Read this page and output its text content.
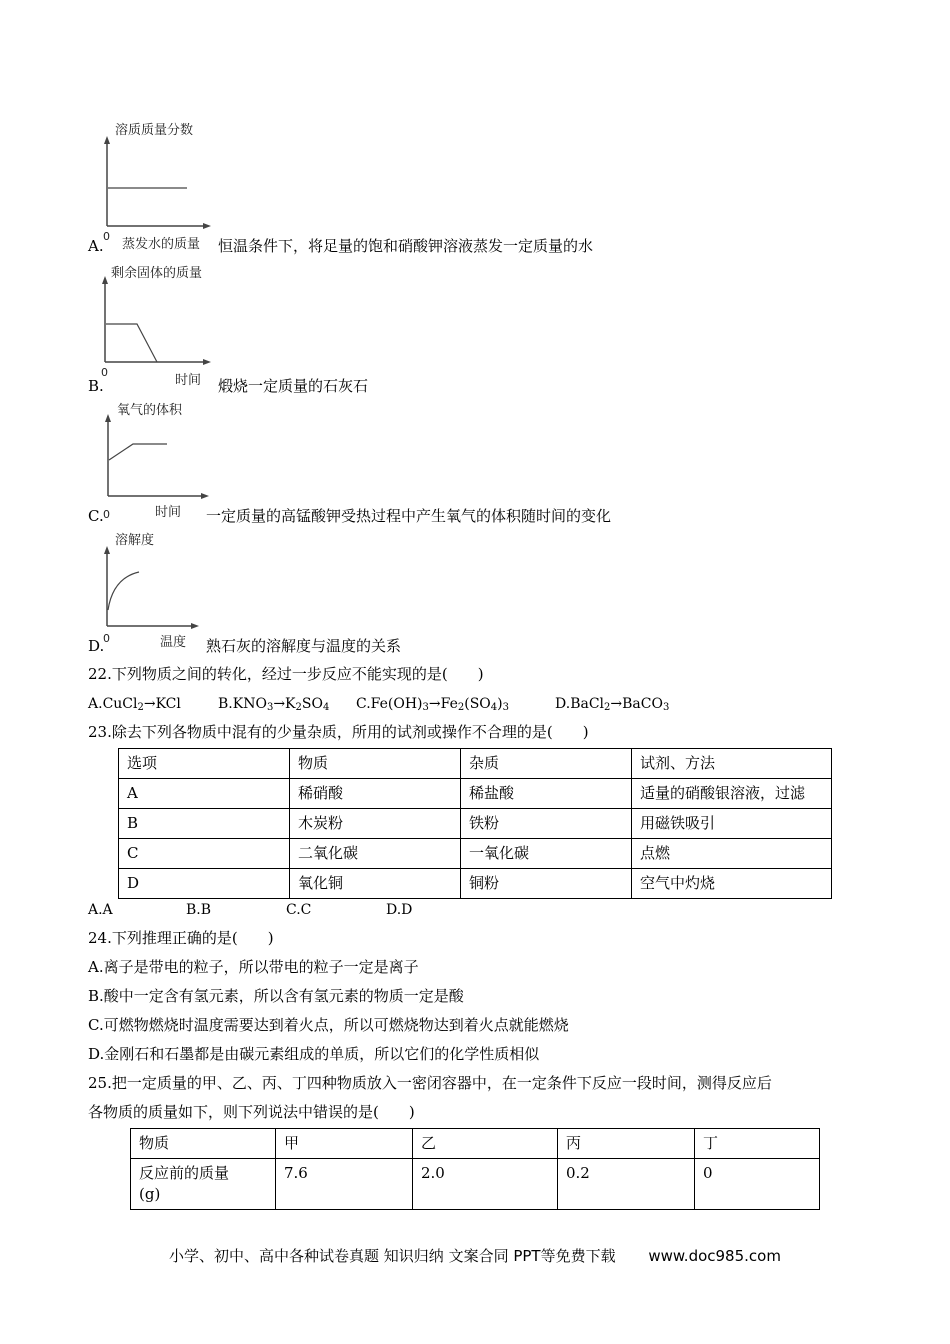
溶质质量分数
0
蒸发水的质量
A.	恒温条件下，将足量的饱和硝酸钾溶液蒸发一定质量的水
剩余固体的质量
0
时间
B.	煅烧一定质量的石灰石
氧气的体积
0	时间
C.	一定质量的高锰酸钾受热过程中产生氧气的体积随时间的变化
溶解度
0	温度
D.	熟石灰的溶解度与温度的关系
22.下列物质之间的转化，经过一步反应不能实现的是(　　)
A.CuCl$_2$→KCl	$B.KNO_3\to K_2SO_4$ $C.Fe(OH)_3\to Fe_2(SO_4)_3$	D.BaCl$_2$→BaCO$_3$
23.除去下列各物质中混有的少量杂质，所用的试剂或操作不合理的是(　　)
选项	物质	杂质	试剂、方法
A	稀硝酸	稀盐酸	适量的硝酸银溶液，过滤
B	木炭粉	铁粉	用磁铁吸引
C	二氧化碳	一氧化碳	点燃
D	氧化铜	铜粉	空气中灼烧
A.A	B.B	C.C	D.D
24.下列推理正确的是(　　)
A.离子是带电的粒子，所以带电的粒子一定是离子
B.酸中一定含有氢元素，所以含有氢元素的物质一定是酸
C.可燃物燃烧时温度需要达到着火点，所以可燃烧物达到着火点就能燃烧
D.金刚石和石墨都是由碳元素组成的单质，所以它们的化学性质相似
25.把一定质量的甲、乙、丙、丁四种物质放入一密闭容器中，在一定条件下反应一段时间，测得反应后
各物质的质量如下，则下列说法中错误的是(　　)
物质	甲	乙	丙	丁
反应前的质量
(g)	7.6	2.0	0.2	0
小学、初中、高中各种试卷真题 知识归纳 文案合同 PPT等免费下载 www.doc985.com
